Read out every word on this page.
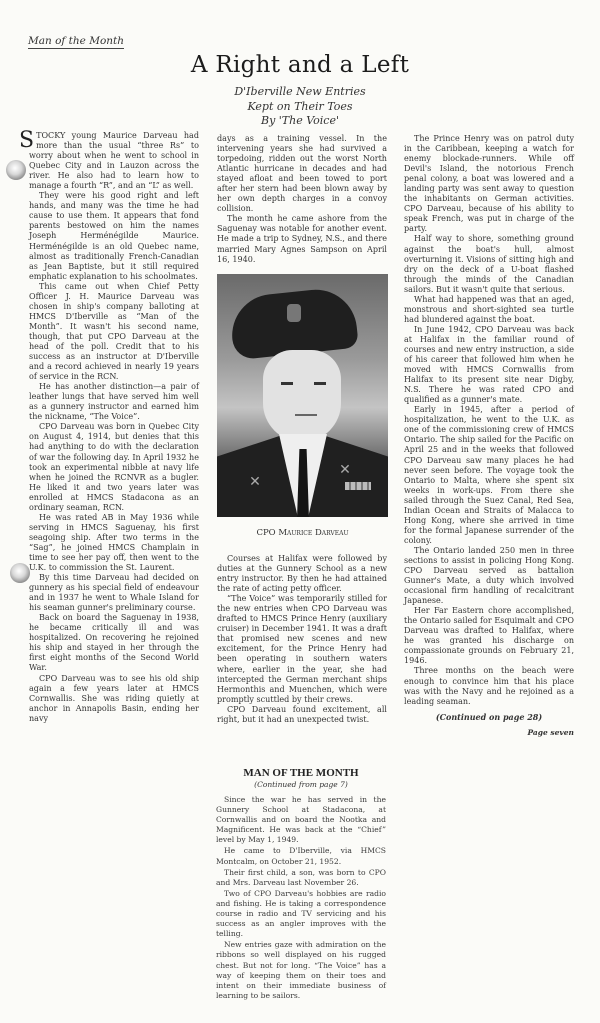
Man of the Month
A Right and a Left
D'Iberville New Entries
Kept on Their Toes
By 'The Voice'

STOCKY young Maurice Darveau had more than the usual “three Rs” to worry about when he went to school in Quebec City and in Lauzon across the river. He also had to learn how to manage a fourth “R”, and an “L” as well.

They were his good right and left hands, and many was the time he had cause to use them. It appears that fond parents bestowed on him the names Joseph Herménégilde Maurice. Herménégilde is an old Quebec name, almost as traditionally French-Canadian as Jean Baptiste, but it still required emphatic explanation to his schoolmates.

This came out when Chief Petty Officer J. H. Maurice Darveau was chosen in ship's company balloting at HMCS D'Iberville as “Man of the Month”. It wasn't his second name, though, that put CPO Darveau at the head of the poll. Credit that to his success as an instructor at D'Iberville and a record achieved in nearly 19 years of service in the RCN.

He has another distinction—a pair of leather lungs that have served him well as a gunnery instructor and earned him the nickname, “The Voice”.

CPO Darveau was born in Quebec City on August 4, 1914, but denies that this had anything to do with the declaration of war the following day. In April 1932 he took an experimental nibble at navy life when he joined the RCNVR as a bugler. He liked it and two years later was enrolled at HMCS Stadacona as an ordinary seaman, RCN.

He was rated AB in May 1936 while serving in HMCS Saguenay, his first seagoing ship. After two terms in the “Sag”, he joined HMCS Champlain in time to see her pay off, then went to the U.K. to commission the St. Laurent.

By this time Darveau had decided on gunnery as his special field of endeavour and in 1937 he went to Whale Island for his seaman gunner's preliminary course.

Back on board the Saguenay in 1938, he became critically ill and was hospitalized. On recovering he rejoined his ship and stayed in her through the first eight months of the Second World War.

CPO Darveau was to see his old ship again a few years later at HMCS Cornwallis. She was riding quietly at anchor in Annapolis Basin, ending her navy

days as a training vessel. In the intervening years she had survived a torpedoing, ridden out the worst North Atlantic hurricane in decades and had stayed afloat and been towed to port after her stern had been blown away by her own depth charges in a convoy collision.

The month he came ashore from the Saguenay was notable for another event. He made a trip to Sydney, N.S., and there married Mary Agnes Sampson on April 16, 1940.

✕
✕
CPO Maurice Darveau

Courses at Halifax were followed by duties at the Gunnery School as a new entry instructor. By then he had attained the rate of acting petty officer.

“The Voice” was temporarily stilled for the new entries when CPO Darveau was drafted to HMCS Prince Henry (auxiliary cruiser) in December 1941. It was a draft that promised new scenes and new excitement, for the Prince Henry had been operating in southern waters where, earlier in the year, she had intercepted the German merchant ships Hermonthis and Muenchen, which were promptly scuttled by their crews.

CPO Darveau found excitement, all right, but it had an unexpected twist.

The Prince Henry was on patrol duty in the Caribbean, keeping a watch for enemy blockade-runners. While off Devil's Island, the notorious French penal colony, a boat was lowered and a landing party was sent away to question the inhabitants on German activities. CPO Darveau, because of his ability to speak French, was put in charge of the party.

Half way to shore, something ground against the boat's hull, almost overturning it. Visions of sitting high and dry on the deck of a U-boat flashed through the minds of the Canadian sailors. But it wasn't quite that serious.

What had happened was that an aged, monstrous and short-sighted sea turtle had blundered against the boat.

In June 1942, CPO Darveau was back at Halifax in the familiar round of courses and new entry instruction, a side of his career that followed him when he moved with HMCS Cornwallis from Halifax to its present site near Digby, N.S. There he was rated CPO and qualified as a gunner's mate.

Early in 1945, after a period of hospitalization, he went to the U.K. as one of the commissioning crew of HMCS Ontario. The ship sailed for the Pacific on April 25 and in the weeks that followed CPO Darveau saw many places he had never seen before. The voyage took the Ontario to Malta, where she spent six weeks in work-ups. From there she sailed through the Suez Canal, Red Sea, Indian Ocean and Straits of Malacca to Hong Kong, where she arrived in time for the formal Japanese surrender of the colony.

The Ontario landed 250 men in three sections to assist in policing Hong Kong. CPO Darveau served as battalion Gunner's Mate, a duty which involved occasional firm handling of recalcitrant Japanese.

Her Far Eastern chore accomplished, the Ontario sailed for Esquimalt and CPO Darveau was drafted to Halifax, where he was granted his discharge on compassionate grounds on February 21, 1946.

Three months on the beach were enough to convince him that his place was with the Navy and he rejoined as a leading seaman.

(Continued on page 28)
Page seven
MAN OF THE MONTH
(Continued from page 7)

Since the war he has served in the Gunnery School at Stadacona, at Cornwallis and on board the Nootka and Magnificent. He was back at the “Chief” level by May 1, 1949.

He came to D'Iberville, via HMCS Montcalm, on October 21, 1952.

Their first child, a son, was born to CPO and Mrs. Darveau last November 26.

Two of CPO Darveau's hobbies are radio and fishing. He is taking a correspondence course in radio and TV servicing and his success as an angler improves with the telling.

New entries gaze with admiration on the ribbons so well displayed on his rugged chest. But not for long. “The Voice” has a way of keeping them on their toes and intent on their immediate business of learning to be sailors.
